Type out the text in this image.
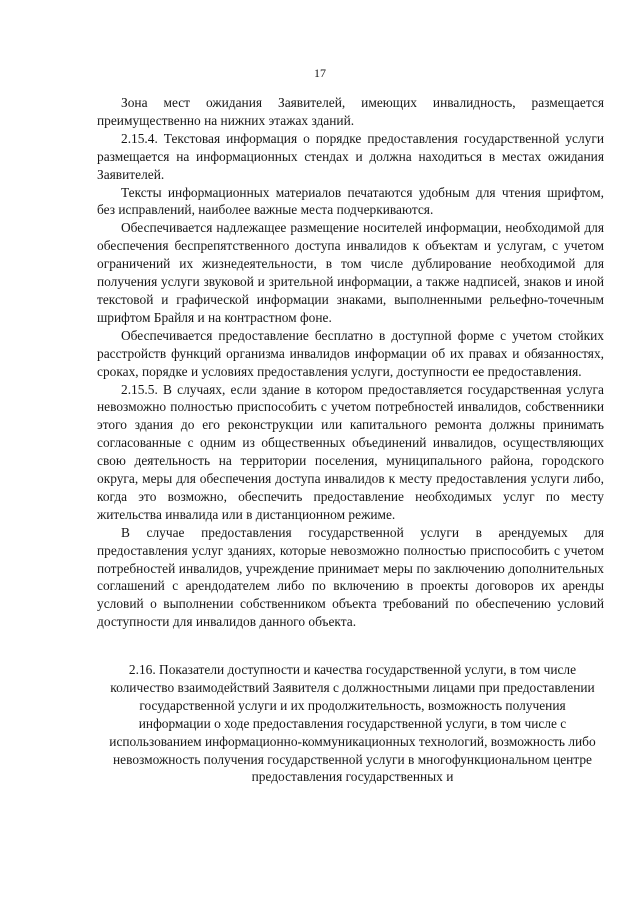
17

Зона мест ожидания Заявителей, имеющих инвалидность, размещается преимущественно на нижних этажах зданий.

2.15.4. Текстовая информация о порядке предоставления государственной услуги размещается на информационных стендах и должна находиться в местах ожидания Заявителей.

Тексты информационных материалов печатаются удобным для чтения шрифтом, без исправлений, наиболее важные места подчеркиваются.

Обеспечивается надлежащее размещение носителей информации, необходимой для обеспечения беспрепятственного доступа инвалидов к объектам и услугам, с учетом ограничений их жизнедеятельности, в том числе дублирование необходимой для получения услуги звуковой и зрительной информации, а также надписей, знаков и иной текстовой и графической информации знаками, выполненными рельефно-точечным шрифтом Брайля и на контрастном фоне.

Обеспечивается предоставление бесплатно в доступной форме с учетом стойких расстройств функций организма инвалидов информации об их правах и обязанностях, сроках, порядке и условиях предоставления услуги, доступности ее предоставления.

2.15.5. В случаях, если здание в котором предоставляется государственная услуга невозможно полностью приспособить с учетом потребностей инвалидов, собственники этого здания до его реконструкции или капитального ремонта должны принимать согласованные с одним из общественных объединений инвалидов, осуществляющих свою деятельность на территории поселения, муниципального района, городского округа, меры для обеспечения доступа инвалидов к месту предоставления услуги либо, когда это возможно, обеспечить предоставление необходимых услуг по месту жительства инвалида или в дистанционном режиме.

В случае предоставления государственной услуги в арендуемых для предоставления услуг зданиях, которые невозможно полностью приспособить с учетом потребностей инвалидов, учреждение принимает меры по заключению дополнительных соглашений с арендодателем либо по включению в проекты договоров их аренды условий о выполнении собственником объекта требований по обеспечению условий доступности для инвалидов данного объекта.

2.16. Показатели доступности и качества государственной услуги, в том числе количество взаимодействий Заявителя с должностными лицами при предоставлении государственной услуги и их продолжительность, возможность получения информации о ходе предоставления государственной услуги, в том числе с использованием информационно-коммуникационных технологий, возможность либо невозможность получения государственной услуги в многофункциональном центре предоставления государственных и
